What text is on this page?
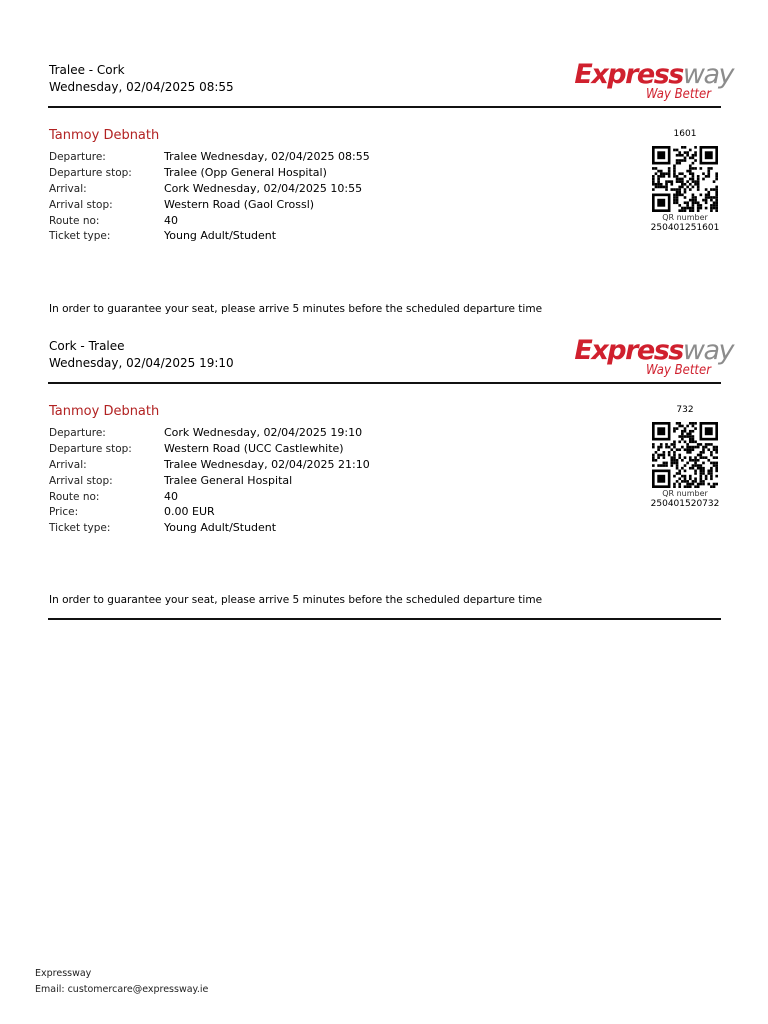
Tralee - Cork
Wednesday, 02/04/2025 08:55	Expressway
Way Better
Tanmoy Debnath
Departure:	Tralee Wednesday, 02/04/2025 08:55
Departure stop:	Tralee (Opp General Hospital)
Arrival:	Cork Wednesday, 02/04/2025 10:55
Arrival stop:	Western Road (Gaol Crossl)
Route no:	40
Ticket type:	Young Adult/Student
1601
QR number
250401251601
In order to guarantee your seat, please arrive 5 minutes before the scheduled departure time
Cork - Tralee
Wednesday, 02/04/2025 19:10	Expressway
Way Better
Tanmoy Debnath
Departure:	Cork Wednesday, 02/04/2025 19:10
Departure stop:	Western Road (UCC Castlewhite)
Arrival:	Tralee Wednesday, 02/04/2025 21:10
Arrival stop:	Tralee General Hospital
Route no:	40
Price:	0.00 EUR
Ticket type:	Young Adult/Student
732
QR number
250401520732
In order to guarantee your seat, please arrive 5 minutes before the scheduled departure time
Expressway
Email: customercare@expressway.ie
